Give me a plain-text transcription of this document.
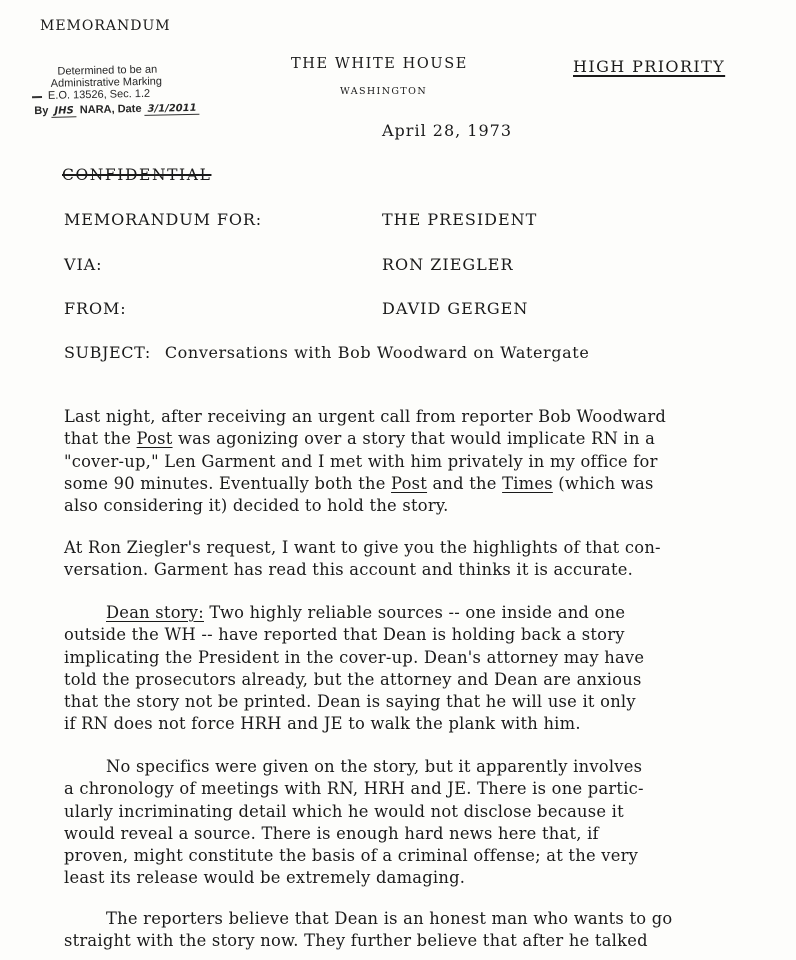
MEMORANDUM
Determined to be an
Administrative Marking
E.O. 13526, Sec. 1.2
By JHS NARA, Date 3/1/2011
THE WHITE HOUSE
WASHINGTON
HIGH PRIORITY
April 28, 1973
CONFIDENTIAL
MEMORANDUM FOR:	THE PRESIDENT
VIA:	RON ZIEGLER
FROM:	DAVID GERGEN
SUBJECT: Conversations with Bob Woodward on Watergate
Last night, after receiving an urgent call from reporter Bob Woodward
that the Post was agonizing over a story that would implicate RN in a
"cover-up," Len Garment and I met with him privately in my office for
some 90 minutes. Eventually both the Post and the Times (which was
also considering it) decided to hold the story.
At Ron Ziegler's request, I want to give you the highlights of that con-
versation. Garment has read this account and thinks it is accurate.
Dean story: Two highly reliable sources -- one inside and one
outside the WH -- have reported that Dean is holding back a story
implicating the President in the cover-up. Dean's attorney may have
told the prosecutors already, but the attorney and Dean are anxious
that the story not be printed. Dean is saying that he will use it only
if RN does not force HRH and JE to walk the plank with him.
No specifics were given on the story, but it apparently involves
a chronology of meetings with RN, HRH and JE. There is one partic-
ularly incriminating detail which he would not disclose because it
would reveal a source. There is enough hard news here that, if
proven, might constitute the basis of a criminal offense; at the very
least its release would be extremely damaging.
The reporters believe that Dean is an honest man who wants to go
straight with the story now. They further believe that after he talked
